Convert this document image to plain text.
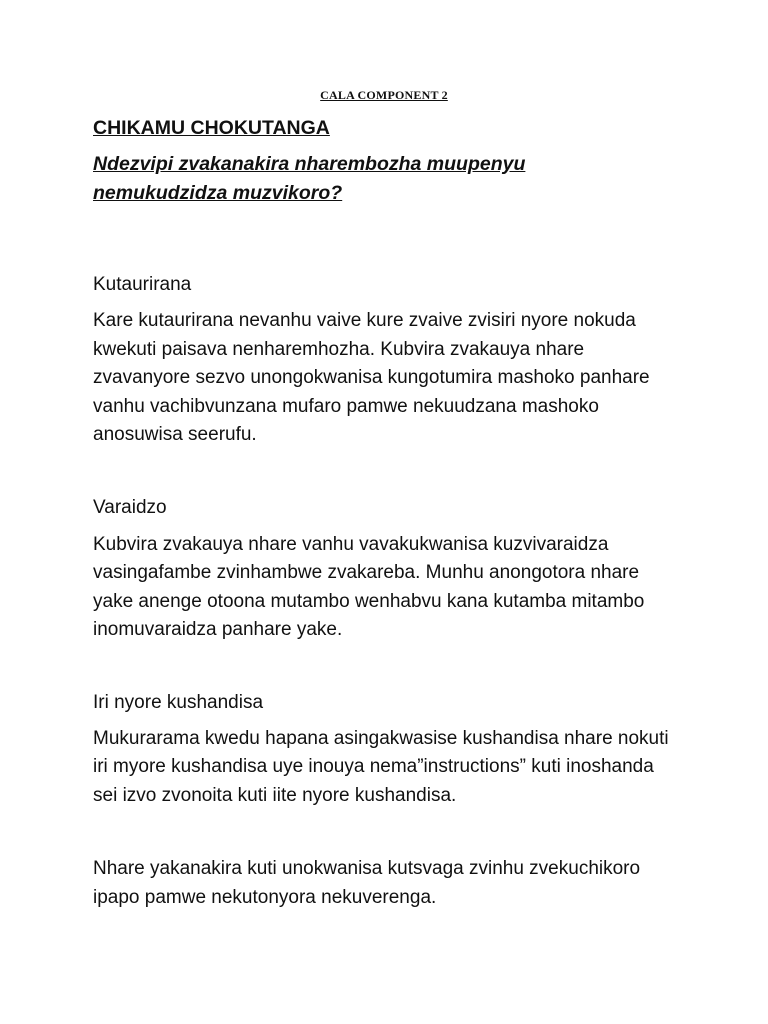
CALA COMPONENT 2
CHIKAMU CHOKUTANGA
Ndezvipi zvakanakira nharembozha muupenyu nemukudzidza muzvikoro?
Kutaurirana

Kare kutaurirana nevanhu vaive kure zvaive zvisiri nyore nokuda kwekuti paisava nenharemhozha. Kubvira zvakauya nhare zvavanyore sezvo unongokwanisa kungotumira mashoko panhare vanhu vachibvunzana mufaro pamwe nekuudzana mashoko anosuwisa seerufu.

Varaidzo

Kubvira zvakauya nhare vanhu vavakukwanisa kuzvivaraidza vasingafambe zvinhambwe zvakareba. Munhu anongotora nhare yake anenge otoona mutambo wenhabvu kana kutamba mitambo inomuvaraidza panhare yake.

Iri nyore kushandisa

Mukurarama kwedu hapana asingakwasise kushandisa nhare nokuti iri myore kushandisa uye inouya nema”instructions” kuti inoshanda sei izvo zvonoita kuti iite nyore kushandisa.

Nhare yakanakira kuti unokwanisa kutsvaga zvinhu zvekuchikoro ipapo pamwe nekutonyora nekuverenga.
